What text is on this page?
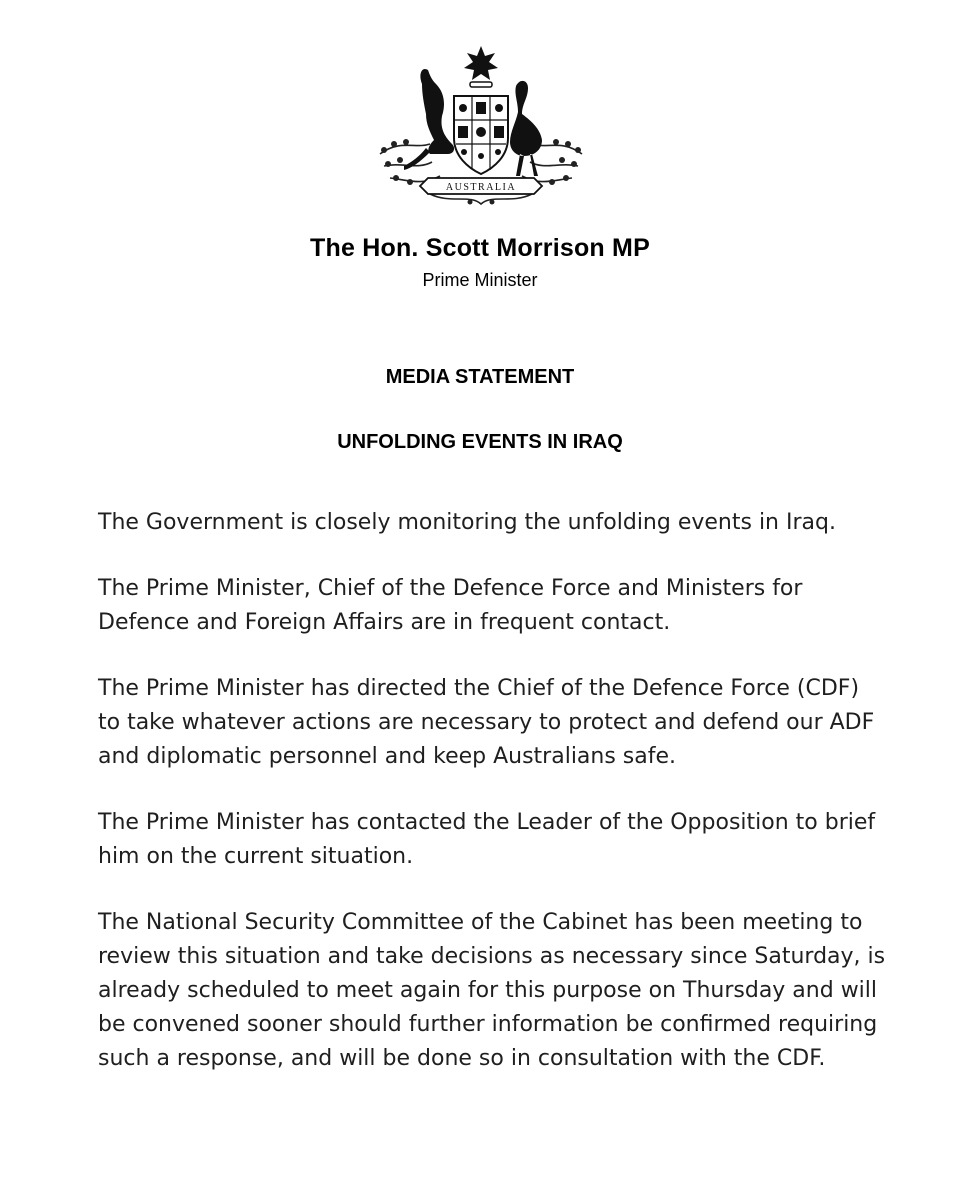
AUSTRALIA
The Hon. Scott Morrison MP
Prime Minister
MEDIA STATEMENT
UNFOLDING EVENTS IN IRAQ

The Government is closely monitoring the unfolding events in Iraq.

The Prime Minister, Chief of the Defence Force and Ministers for Defence and Foreign Affairs are in frequent contact.

The Prime Minister has directed the Chief of the Defence Force (CDF) to take whatever actions are necessary to protect and defend our ADF and diplomatic personnel and keep Australians safe.

The Prime Minister has contacted the Leader of the Opposition to brief him on the current situation.

The National Security Committee of the Cabinet has been meeting to review this situation and take decisions as necessary since Saturday, is already scheduled to meet again for this purpose on Thursday and will be convened sooner should further information be confirmed requiring such a response, and will be done so in consultation with the CDF.
